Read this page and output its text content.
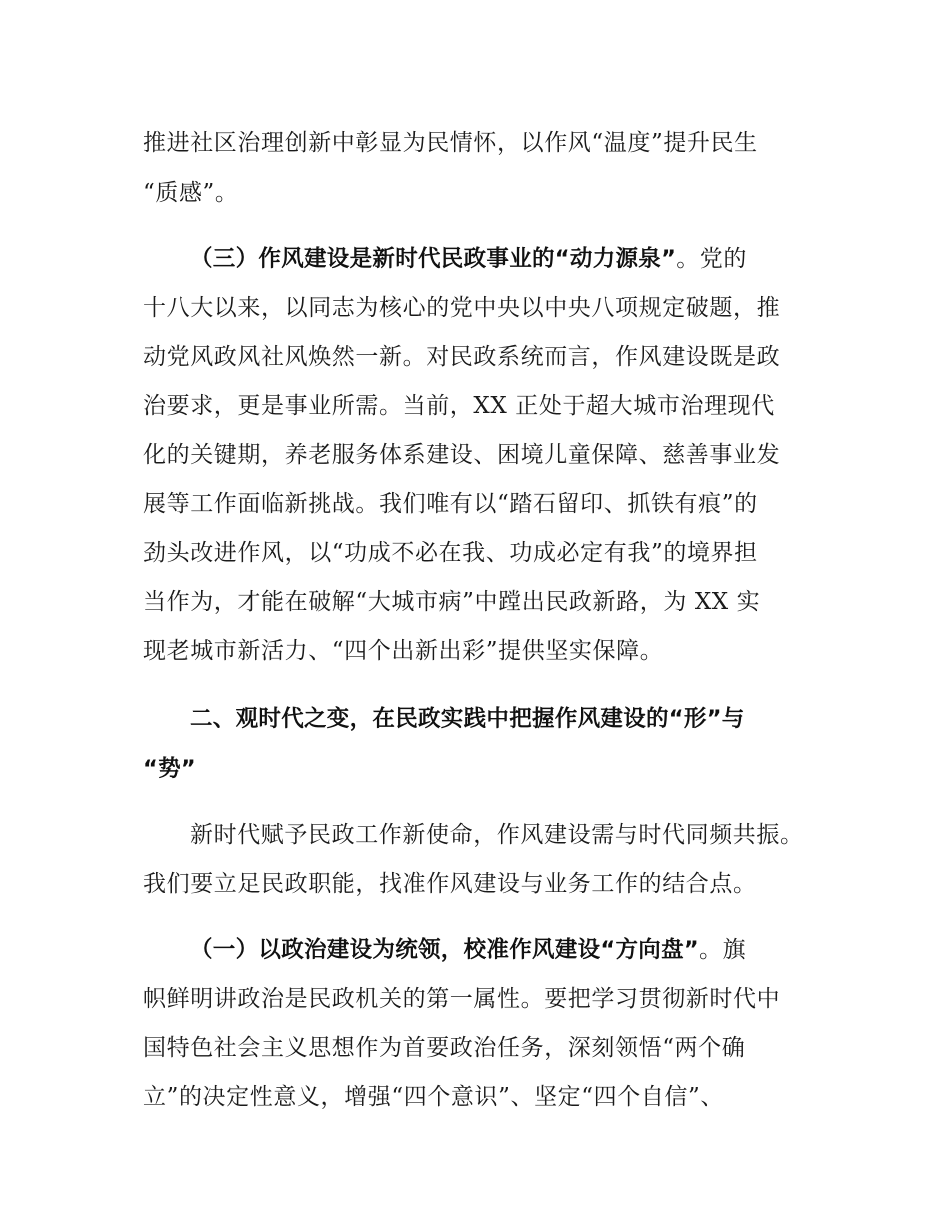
推进社区治理创新中彰显为民情怀，以作风“温度”提升民生
“质感”。
（三）作风建设是新时代民政事业的“动力源泉”。党的
十八大以来，以同志为核心的党中央以中央八项规定破题，推
动党风政风社风焕然一新。对民政系统而言，作风建设既是政
治要求，更是事业所需。当前，XX 正处于超大城市治理现代
化的关键期，养老服务体系建设、困境儿童保障、慈善事业发
展等工作面临新挑战。我们唯有以“踏石留印、抓铁有痕”的
劲头改进作风，以“功成不必在我、功成必定有我”的境界担
当作为，才能在破解“大城市病”中蹚出民政新路，为 XX 实
现老城市新活力、“四个出新出彩”提供坚实保障。
二、观时代之变，在民政实践中把握作风建设的“形”与
“势”
新时代赋予民政工作新使命，作风建设需与时代同频共振。
我们要立足民政职能，找准作风建设与业务工作的结合点。
（一）以政治建设为统领，校准作风建设“方向盘”。旗
帜鲜明讲政治是民政机关的第一属性。要把学习贯彻新时代中
国特色社会主义思想作为首要政治任务，深刻领悟“两个确
立”的决定性意义，增强“四个意识”、坚定“四个自信”、
